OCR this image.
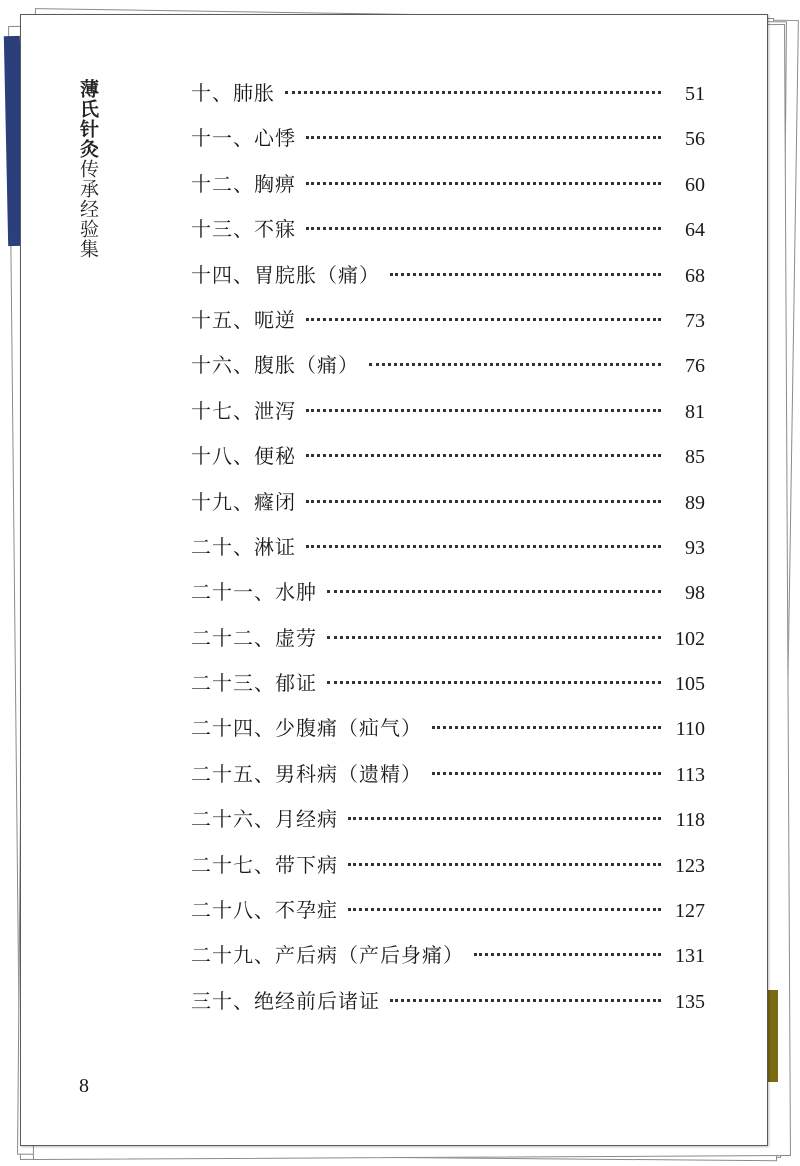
薄氏针灸传承经验集
十、肺胀	51
十一、心悸	56
十二、胸痹	60
十三、不寐	64
十四、胃脘胀（痛）	68
十五、呃逆	73
十六、腹胀（痛）	76
十七、泄泻	81
十八、便秘	85
十九、癃闭	89
二十、淋证	93
二十一、水肿	98
二十二、虚劳	102
二十三、郁证	105
二十四、少腹痛（疝气）	110
二十五、男科病（遗精）	113
二十六、月经病	118
二十七、带下病	123
二十八、不孕症	127
二十九、产后病（产后身痛）	131
三十、绝经前后诸证	135
8
